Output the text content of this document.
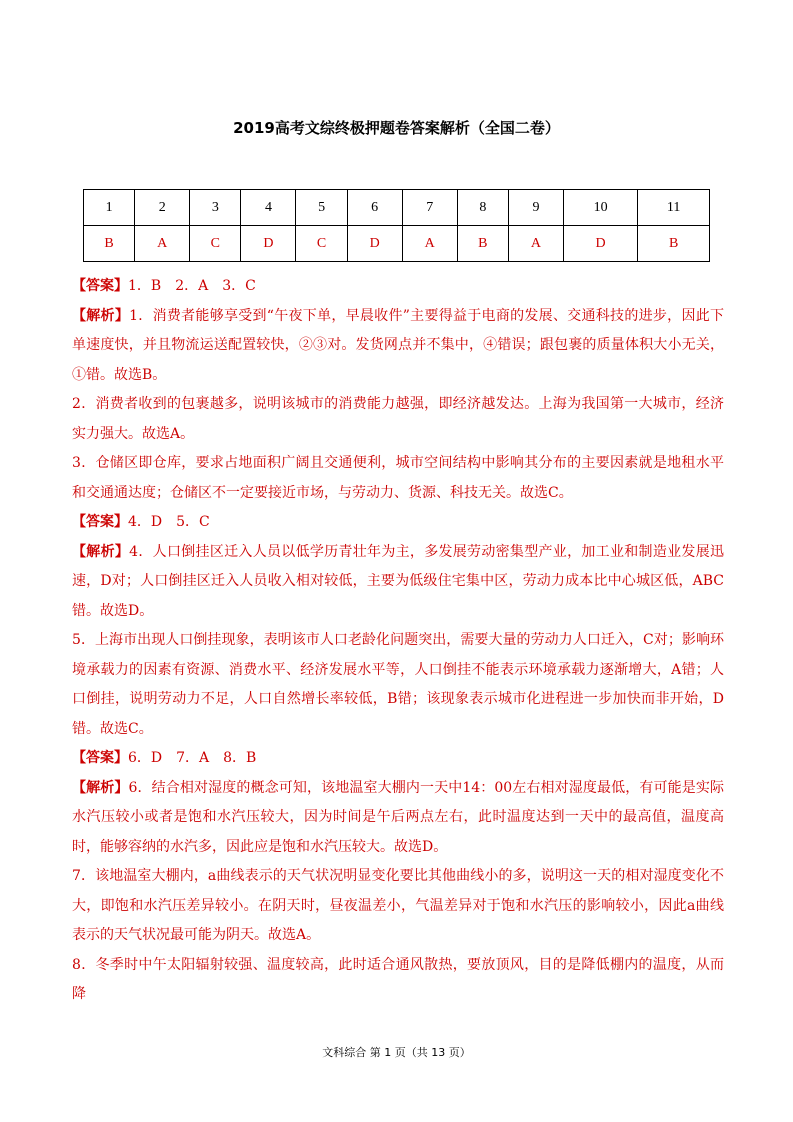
2019高考文综终极押题卷答案解析（全国二卷）
1	2	3	4	5	6	7	8	9	10	11
B	A	C	D	C	D	A	B	A	D	B

【答案】1．B　2．A　3．C

【解析】1．消费者能够享受到“午夜下单，早晨收件”主要得益于电商的发展、交通科技的进步，因此下单速度快，并且物流运送配置较快，②③对。发货网点并不集中，④错误；跟包裹的质量体积大小无关，①错。故选B。

2．消费者收到的包裹越多，说明该城市的消费能力越强，即经济越发达。上海为我国第一大城市，经济实力强大。故选A。

3．仓储区即仓库，要求占地面积广阔且交通便利，城市空间结构中影响其分布的主要因素就是地租水平和交通通达度；仓储区不一定要接近市场，与劳动力、货源、科技无关。故选C。

【答案】4．D　5．C

【解析】4．人口倒挂区迁入人员以低学历青壮年为主，多发展劳动密集型产业，加工业和制造业发展迅速，D对；人口倒挂区迁入人员收入相对较低，主要为低级住宅集中区，劳动力成本比中心城区低，ABC错。故选D。

5．上海市出现人口倒挂现象，表明该市人口老龄化问题突出，需要大量的劳动力人口迁入，C对；影响环境承载力的因素有资源、消费水平、经济发展水平等，人口倒挂不能表示环境承载力逐渐增大，A错；人口倒挂，说明劳动力不足，人口自然增长率较低，B错；该现象表示城市化进程进一步加快而非开始，D错。故选C。

【答案】6．D　7．A　8．B

【解析】6．结合相对湿度的概念可知，该地温室大棚内一天中14：00左右相对湿度最低，有可能是实际水汽压较小或者是饱和水汽压较大，因为时间是午后两点左右，此时温度达到一天中的最高值，温度高时，能够容纳的水汽多，因此应是饱和水汽压较大。故选D。

7．该地温室大棚内，a曲线表示的天气状况明显变化要比其他曲线小的多，说明这一天的相对湿度变化不大，即饱和水汽压差异较小。在阴天时，昼夜温差小，气温差异对于饱和水汽压的影响较小，因此a曲线表示的天气状况最可能为阴天。故选A。

8．冬季时中午太阳辐射较强、温度较高，此时适合通风散热，要放顶风，目的是降低棚内的温度，从而降

文科综合 第 1 页（共 13 页）
